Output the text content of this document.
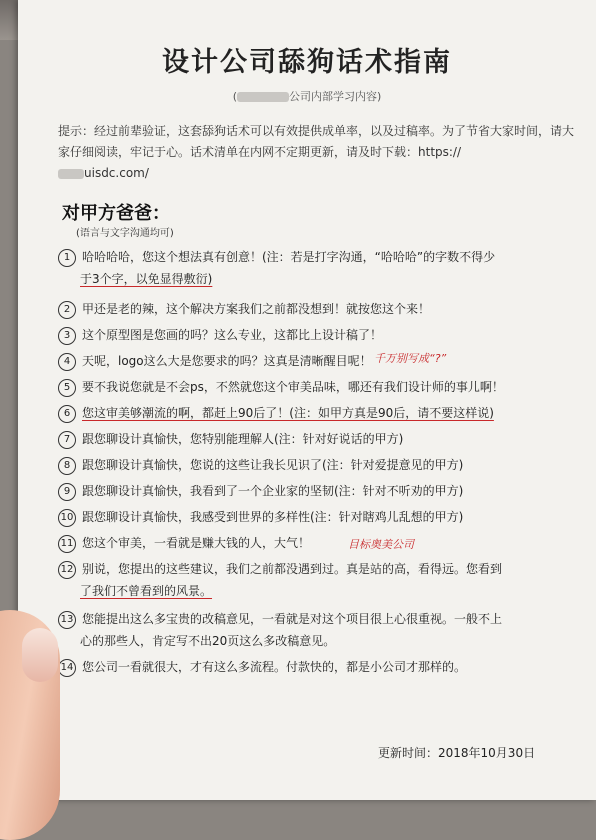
设计公司舔狗话术指南
(	公司内部学习内容)
提示：经过前辈验证，这套舔狗话术可以有效提供成单率，以及过稿率。为了节省大家时间，请大家仔细阅读，牢记于心。话术清单在内网不定期更新，请及时下载：https://
uisdc.com/
对甲方爸爸：
(语言与文字沟通均可)
1 哈哈哈哈，您这个想法真有创意！(注：若是打字沟通，“哈哈哈”的字数不得少
于3个字，以免显得敷衍)
2 甲还是老的辣，这个解决方案我们之前都没想到！就按您这个来！
3 这个原型图是您画的吗？这么专业，这都比上设计稿了！
4 天呢，logo这么大是您要求的吗？这真是清晰醒目呢！ 千万别写成“?”
5 要不我说您就是不会ps，不然就您这个审美品味，哪还有我们设计师的事儿啊！
6 您这审美够潮流的啊，都赶上90后了！(注：如甲方真是90后，请不要这样说)
7 跟您聊设计真愉快，您特别能理解人(注：针对好说话的甲方)
8 跟您聊设计真愉快，您说的这些让我长见识了(注：针对爱提意见的甲方)
9 跟您聊设计真愉快，我看到了一个企业家的坚韧(注：针对不听劝的甲方)
10 跟您聊设计真愉快，我感受到世界的多样性(注：针对瞎鸡儿乱想的甲方)
11 您这个审美，一看就是赚大钱的人，大气！	目标奥美公司
12 别说，您提出的这些建议，我们之前都没遇到过。真是站的高，看得远。您看到
了我们不曾看到的风景。
13 您能提出这么多宝贵的改稿意见，一看就是对这个项目很上心很重视。一般不上
心的那些人，肯定写不出20页这么多改稿意见。
14 您公司一看就很大，才有这么多流程。付款快的，都是小公司才那样的。
更新时间：2018年10月30日
